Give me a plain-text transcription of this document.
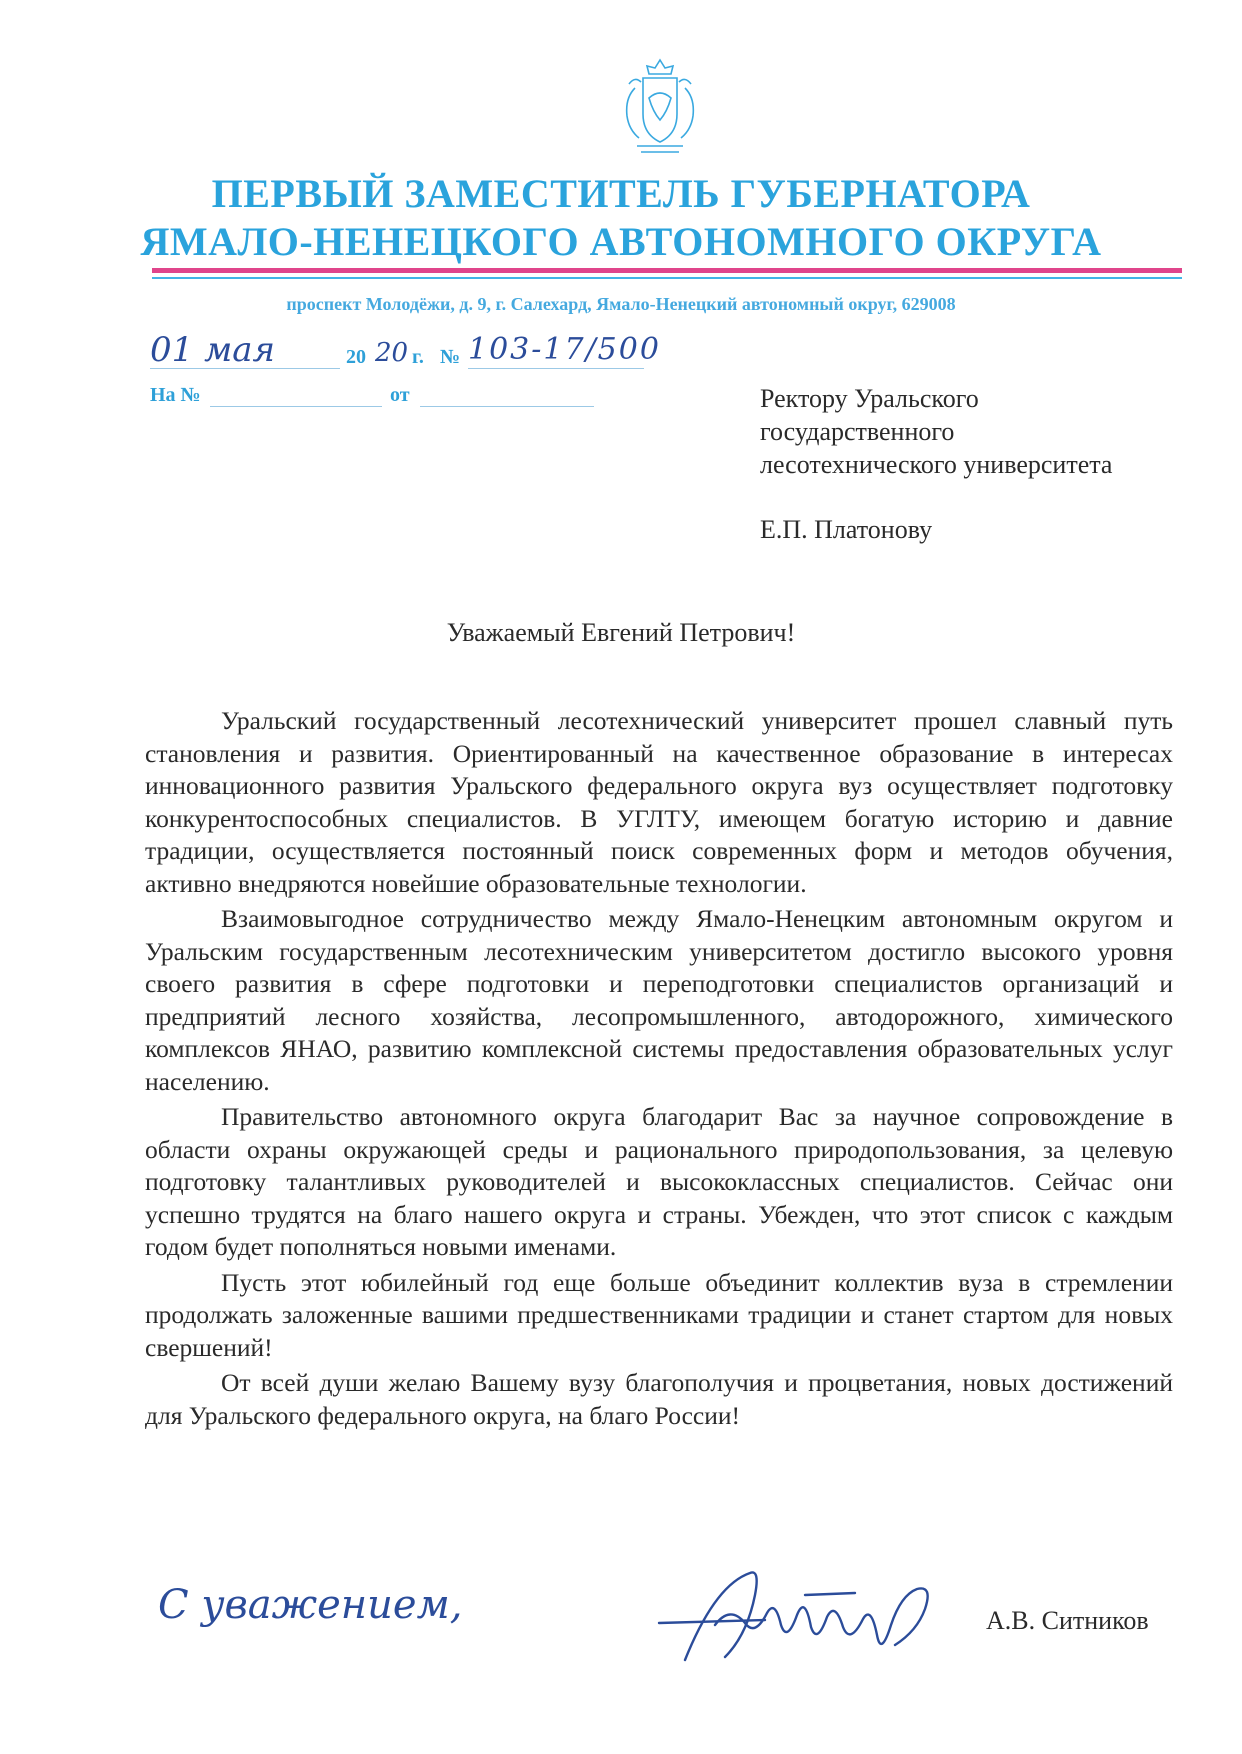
ПЕРВЫЙ ЗАМЕСТИТЕЛЬ ГУБЕРНАТОРА
ЯМАЛО-НЕНЕЦКОГО АВТОНОМНОГО ОКРУГА
проспект Молодёжи, д. 9, г. Салехард, Ямало-Ненецкий автономный округ, 629008
01 мая	20 20 г. № 103-17/500
На №	от	Ректору Уральского
государственного
лесотехнического университета
Е.П. Платонову
Уважаемый Евгений Петрович!

Уральский государственный лесотехнический университет прошел славный путь становления и развития. Ориентированный на качественное образование в интересах инновационного развития Уральского федерального округа вуз осуществляет подготовку конкурентоспособных специалистов. В УГЛТУ, имеющем богатую историю и давние традиции, осуществляется постоянный поиск современных форм и методов обучения, активно внедряются новейшие образовательные технологии.

Взаимовыгодное сотрудничество между Ямало-Ненецким автономным округом и Уральским государственным лесотехническим университетом достигло высокого уровня своего развития в сфере подготовки и переподготовки специалистов организаций и предприятий лесного хозяйства, лесопромышленного, автодорожного, химического комплексов ЯНАО, развитию комплексной системы предоставления образовательных услуг населению.

Правительство автономного округа благодарит Вас за научное сопровождение в области охраны окружающей среды и рационального природопользования, за целевую подготовку талантливых руководителей и высококлассных специалистов. Сейчас они успешно трудятся на благо нашего округа и страны. Убежден, что этот список с каждым годом будет пополняться новыми именами.

Пусть этот юбилейный год еще больше объединит коллектив вуза в стремлении продолжать заложенные вашими предшественниками традиции и станет стартом для новых свершений!

От всей души желаю Вашему вузу благополучия и процветания, новых достижений для Уральского федерального округа, на благо России!

С уважением,	А.В. Ситников
